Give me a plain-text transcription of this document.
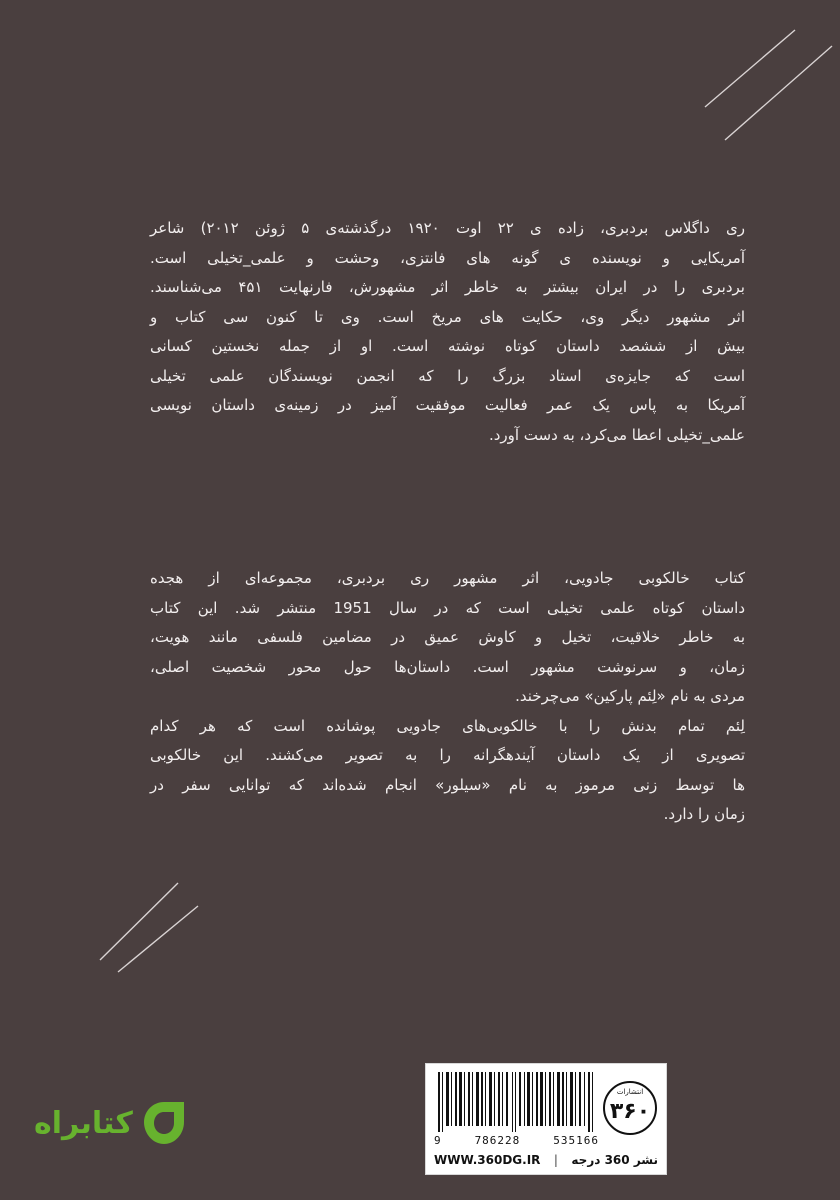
ری داگلاس بردبری، زاده ی ۲۲ اوت ۱۹۲۰ درگذشته‌ی ۵ ژوئن ۲۰۱۲) شاعر
آمریکایی و نویسنده ی گونه های فانتزی، وحشت و علمی_تخیلی است.
بردبری را در ایران بیشتر به خاطر اثر مشهورش، فارنهایت ۴۵۱ می‌شناسند.
اثر مشهور دیگر وی، حکایت های مریخ است. وی تا کنون سی کتاب و
بیش از ششصد داستان کوتاه نوشته است. او از جمله نخستین کسانی
است که جایزه‌ی استاد بزرگ را که انجمن نویسندگان علمی تخیلی
آمریکا به پاس یک عمر فعالیت موفقیت آمیز در زمینه‌ی داستان نویسی
علمی_تخیلی اعطا می‌کرد، به دست آورد.

کتاب خالکوبی جادویی، اثر مشهور ری بردبری، مجموعه‌ای از هجده
داستان کوتاه علمی تخیلی است که در سال 1951 منتشر شد. این کتاب
به خاطر خلاقیت، تخیل و کاوش عمیق در مضامین فلسفی مانند هویت،
زمان، و سرنوشت مشهور است. داستان‌ها حول محور شخصیت اصلی،
مردی به نام «لِئم پارکین» می‌چرخند.
لِئم تمام بدنش را با خالکوبی‌های جادویی پوشانده است که هر کدام
تصویری از یک داستان آیندهگرانه را به تصویر می‌کشند. این خالکوبی
ها توسط زنی مرموز به نام «سیلور» انجام شده‌اند که توانایی سفر در
زمان را دارد.

9	786228	535166
۳۶۰
انتشارات
WWW.360DG.IR | نشر 360 درجه
کتابراه
